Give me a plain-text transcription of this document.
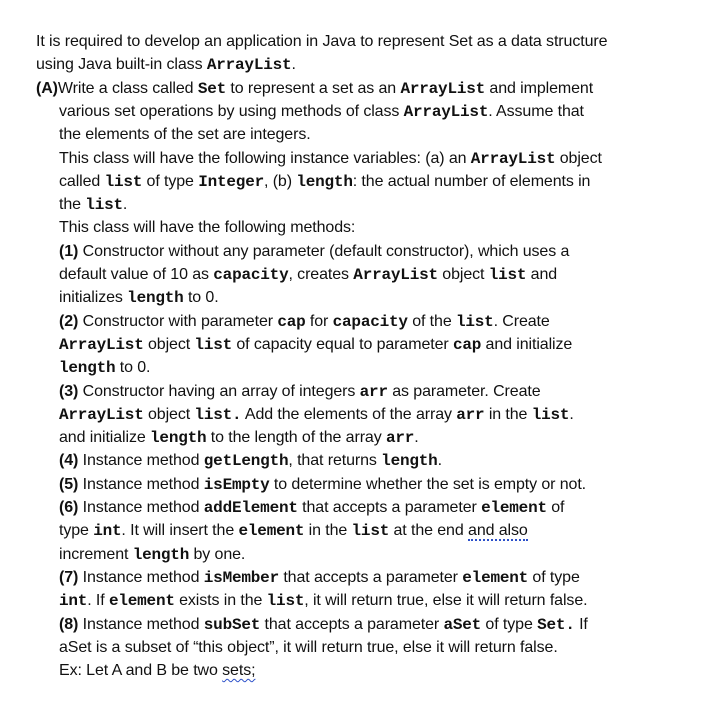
It is required to develop an application in Java to represent Set as a data structure
using Java built-in class ArrayList.
(A)Write a class called Set to represent a set as an ArrayList and implement
various set operations by using methods of class ArrayList. Assume that
the elements of the set are integers.
This class will have the following instance variables: (a) an ArrayList object
called list of type Integer, (b) length: the actual number of elements in
the list.
This class will have the following methods:
(1) Constructor without any parameter (default constructor), which uses a
default value of 10 as capacity, creates ArrayList object list and
initializes length to 0.
(2) Constructor with parameter cap for capacity of the list. Create
ArrayList object list of capacity equal to parameter cap and initialize
length to 0.
(3) Constructor having an array of integers arr as parameter. Create
ArrayList object list. Add the elements of the array arr in the list.
and initialize length to the length of the array arr.
(4) Instance method getLength, that returns length.
(5) Instance method isEmpty to determine whether the set is empty or not.
(6) Instance method addElement that accepts a parameter element of
type int. It will insert the element in the list at the end and also
increment length by one.
(7) Instance method isMember that accepts a parameter element of type
int. If element exists in the list, it will return true, else it will return false.
(8) Instance method subSet that accepts a parameter aSet of type Set. If
aSet is a subset of “this object”, it will return true, else it will return false.
Ex: Let A and B be two sets;
